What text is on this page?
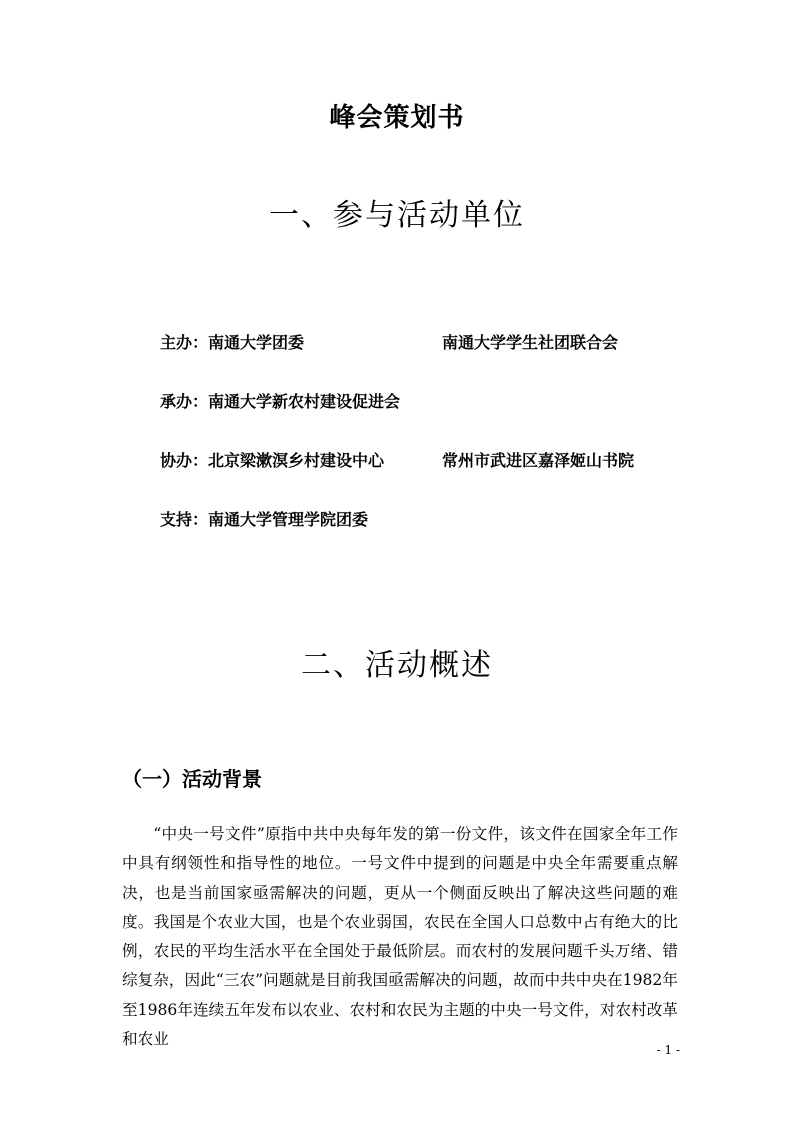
峰会策划书
一、参与活动单位
主办：南通大学团委	南通大学学生社团联合会
承办：南通大学新农村建设促进会
协办：北京梁漱溟乡村建设中心	常州市武进区嘉泽姬山书院
支持：南通大学管理学院团委
二、活动概述
（一）活动背景

“中央一号文件”原指中共中央每年发的第一份文件，该文件在国家全年工作中具有纲领性和指导性的地位。一号文件中提到的问题是中央全年需要重点解决，也是当前国家亟需解决的问题，更从一个侧面反映出了解决这些问题的难度。我国是个农业大国，也是个农业弱国，农民在全国人口总数中占有绝大的比例，农民的平均生活水平在全国处于最低阶层。而农村的发展问题千头万绪、错综复杂，因此“三农”问题就是目前我国亟需解决的问题，故而中共中央在1982年至1986年连续五年发布以农业、农村和农民为主题的中央一号文件，对农村改革和农业

- 1 -
